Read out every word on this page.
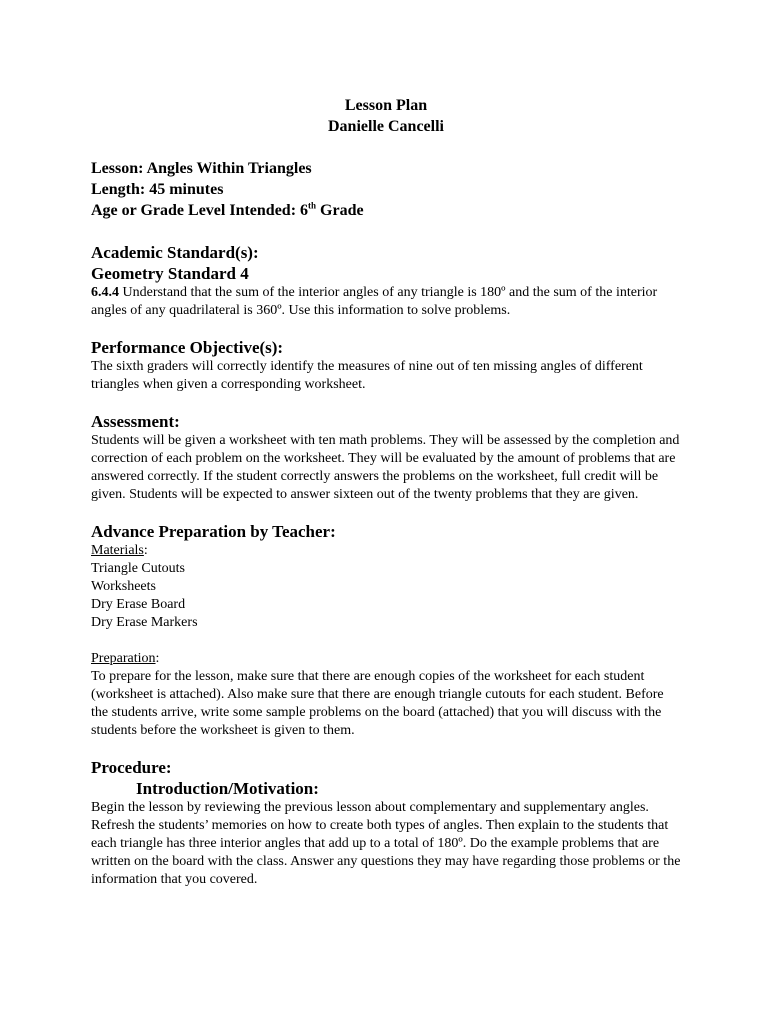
Lesson Plan
Danielle Cancelli
Lesson: Angles Within Triangles
Length: 45 minutes
Age or Grade Level Intended: 6th Grade
Academic Standard(s):
Geometry Standard 4
6.4.4 Understand that the sum of the interior angles of any triangle is 180º and the sum of the interior angles of any quadrilateral is 360º. Use this information to solve problems.
Performance Objective(s):
The sixth graders will correctly identify the measures of nine out of ten missing angles of different triangles when given a corresponding worksheet.
Assessment:
Students will be given a worksheet with ten math problems. They will be assessed by the completion and correction of each problem on the worksheet. They will be evaluated by the amount of problems that are answered correctly. If the student correctly answers the problems on the worksheet, full credit will be given. Students will be expected to answer sixteen out of the twenty problems that they are given.
Advance Preparation by Teacher:
Materials:
Triangle Cutouts
Worksheets
Dry Erase Board
Dry Erase Markers
Preparation:
To prepare for the lesson, make sure that there are enough copies of the worksheet for each student (worksheet is attached). Also make sure that there are enough triangle cutouts for each student. Before the students arrive, write some sample problems on the board (attached) that you will discuss with the students before the worksheet is given to them.
Procedure:
Introduction/Motivation:
Begin the lesson by reviewing the previous lesson about complementary and supplementary angles. Refresh the students’ memories on how to create both types of angles. Then explain to the students that each triangle has three interior angles that add up to a total of 180º. Do the example problems that are written on the board with the class. Answer any questions they may have regarding those problems or the information that you covered.
